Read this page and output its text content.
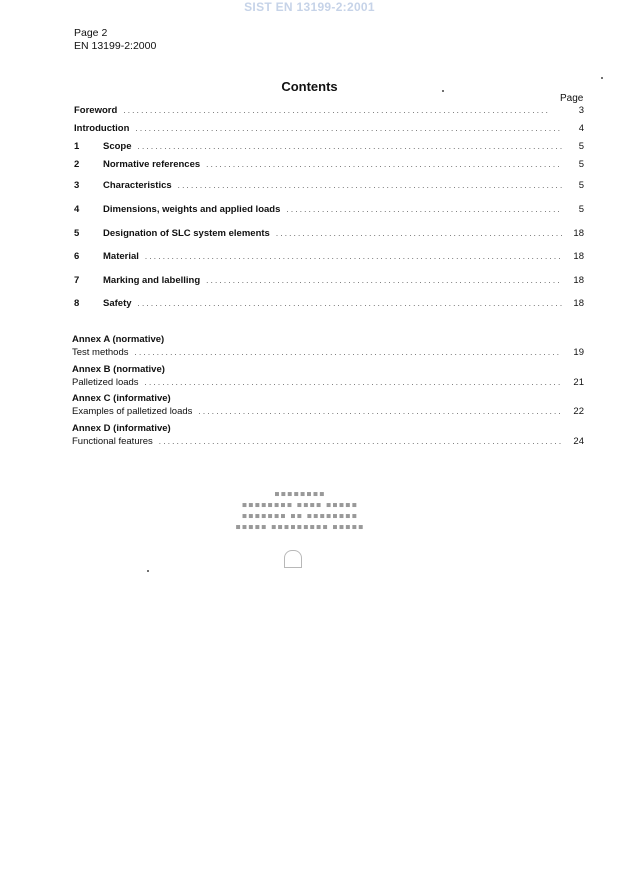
SIST EN 13199-2:2001
Page 2
EN 13199-2:2000
Contents
Page
Foreword . . .	3
Introduction . . .	4
1	Scope . . .	5
2	Normative references . . .	5
3	Characteristics . . .	5
4	Dimensions, weights and applied loads . . .	5
5	Designation of SLC system elements . . .	18
6	Material . . .	18
7	Marking and labelling . . .	18
8	Safety . . .	18
Annex A (normative)
Test methods . . .	19
Annex B (normative)
Palletized loads . . .	21
Annex C (informative)
Examples of palletized loads . . .	22
Annex D (informative)
Functional features . . .	24
▪▪▪▪▪ ▪▪▪▪▪▪▪▪▪ ▪▪▪▪▪
▪▪▪▪▪▪▪ ▪▪ ▪▪▪▪▪▪▪▪
▪▪▪▪▪▪▪▪ ▪▪▪▪ ▪▪▪▪▪
▪▪▪▪▪▪▪▪
